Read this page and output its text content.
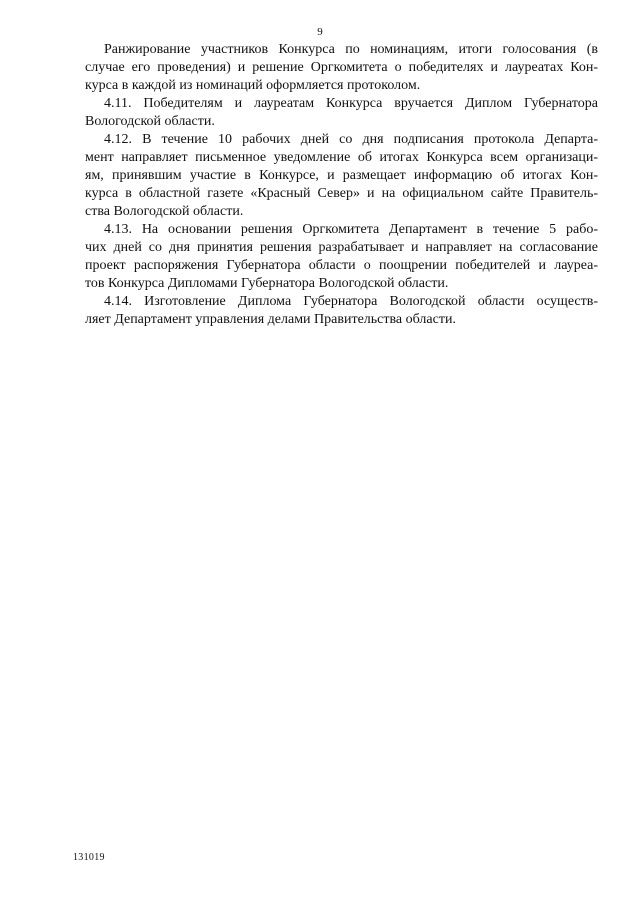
9
Ранжирование участников Конкурса по номинациям, итоги голосования (в
случае его проведения) и решение Оргкомитета о победителях и лауреатах Кон-
курса в каждой из номинаций оформляется протоколом.
4.11. Победителям и лауреатам Конкурса вручается Диплом Губернатора
Вологодской области.
4.12. В течение 10 рабочих дней со дня подписания протокола Департа-
мент направляет письменное уведомление об итогах Конкурса всем организаци-
ям, принявшим участие в Конкурсе, и размещает информацию об итогах Кон-
курса в областной газете «Красный Север» и на официальном сайте Правитель-
ства Вологодской области.
4.13. На основании решения Оргкомитета Департамент в течение 5 рабо-
чих дней со дня принятия решения разрабатывает и направляет на согласование
проект распоряжения Губернатора области о поощрении победителей и лауреа-
тов Конкурса Дипломами Губернатора Вологодской области.
4.14. Изготовление Диплома Губернатора Вологодской области осуществ-
ляет Департамент управления делами Правительства области.
131019
